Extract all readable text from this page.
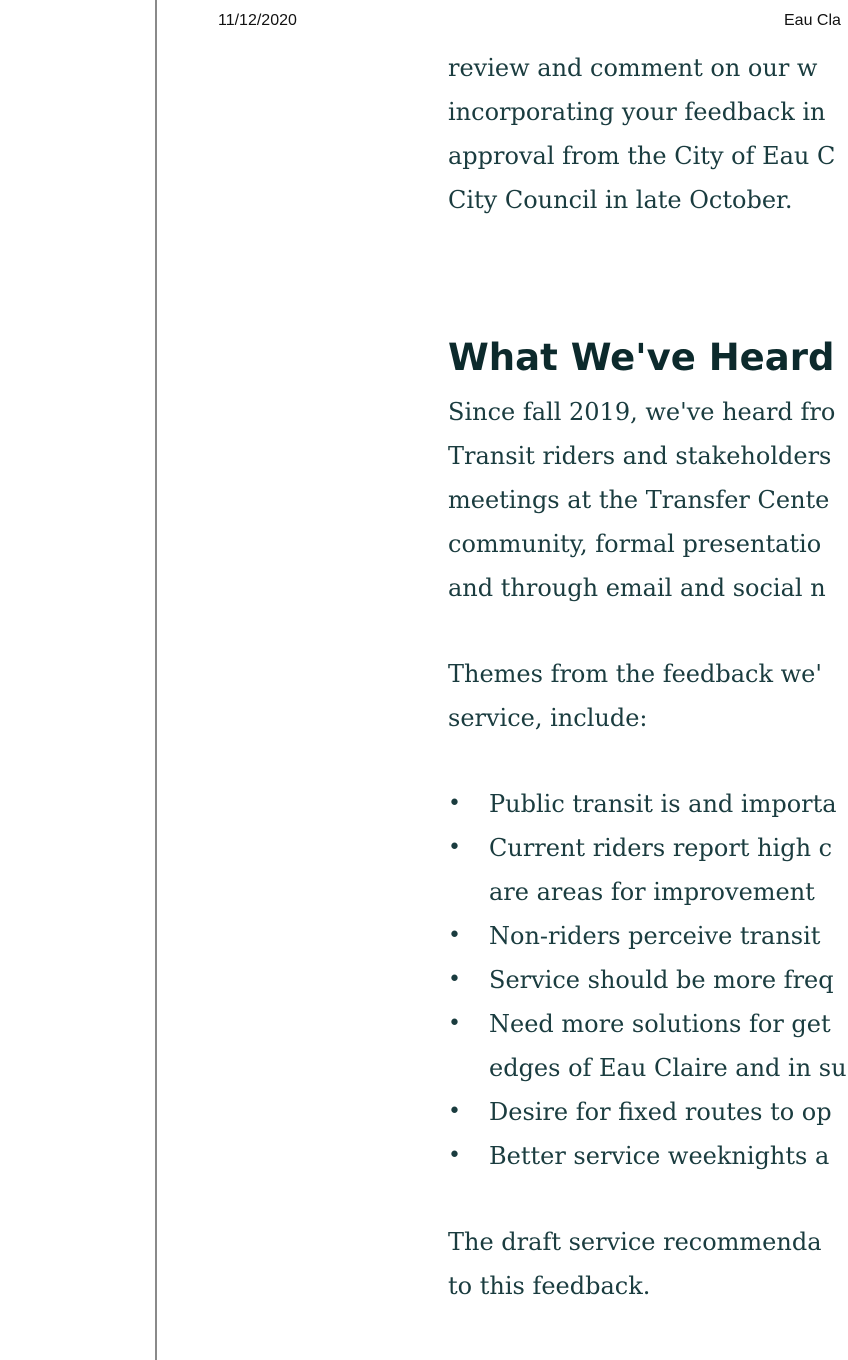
11/12/2020	Eau Cla
review and comment on our w
incorporating your feedback in
approval from the City of Eau C
City Council in late October.
What We've Heard
Since fall 2019, we've heard fro
Transit riders and stakeholders
meetings at the Transfer Cente
community, formal presentatio
and through email and social n
Themes from the feedback we'
service, include:
• Public transit is and importa
• Current riders report high c
are areas for improvement
• Non-riders perceive transit
• Service should be more freq
• Need more solutions for get
edges of Eau Claire and in su
• Desire for fixed routes to op
• Better service weeknights a
The draft service recommenda
to this feedback.
